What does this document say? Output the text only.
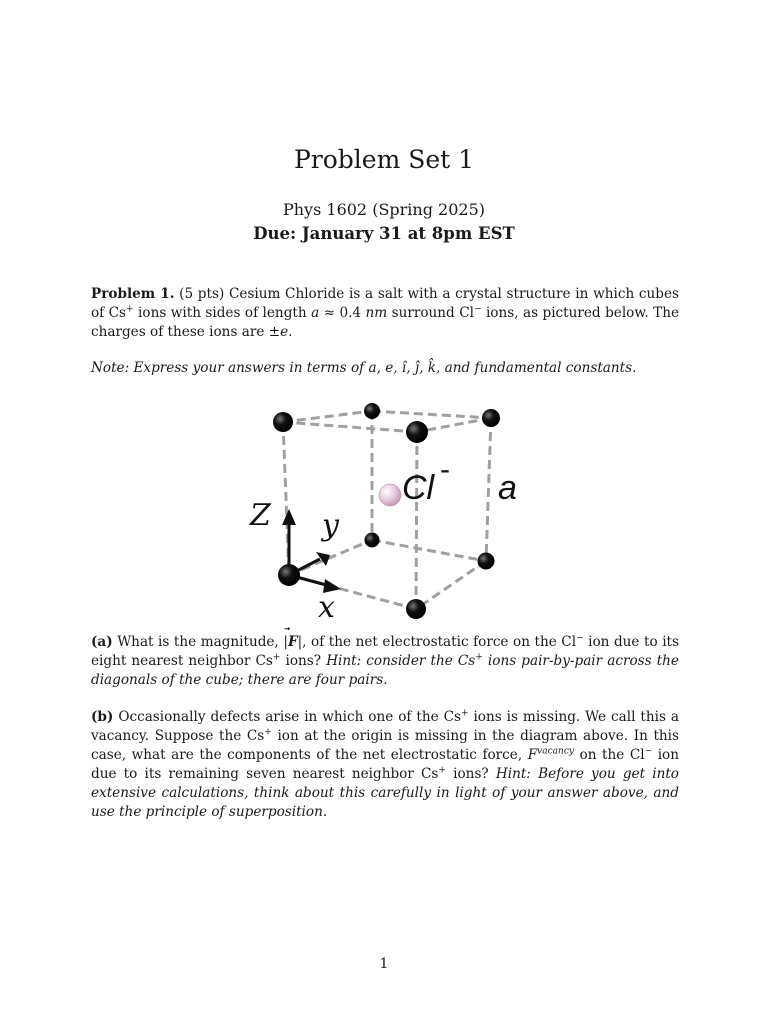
Problem Set 1
Phys 1602 (Spring 2025)
Due: January 31 at 8pm EST

Problem 1. (5 pts) Cesium Chloride is a salt with a crystal structure in which cubes of Cs+ ions with sides of length a ≈ 0.4 nm surround Cl− ions, as pictured below. The charges of these ions are ±e.

Note: Express your answers in terms of a, e, î, ĵ, k̂, and fundamental constants.

Cl - a
Z y
x

(a) What is the magnitude, |F
|, of the net electrostatic force on the Cl− ion due to its eight nearest neighbor Cs+ ions? Hint: consider the Cs+ ions pair-by-pair across the diagonals of the cube; there are four pairs.

(b) Occasionally defects arise in which one of the Cs+ ions is missing. We call this a vacancy. Suppose the Cs+ ion at the origin is missing in the diagram above. In this case, what are the components of the net electrostatic force, $F^{vacancy}$ on the Cl− ion due to its remaining seven nearest neighbor Cs+ ions? Hint: Before you get into extensive calculations, think about this carefully in light of your answer above, and use the principle of superposition.

1
